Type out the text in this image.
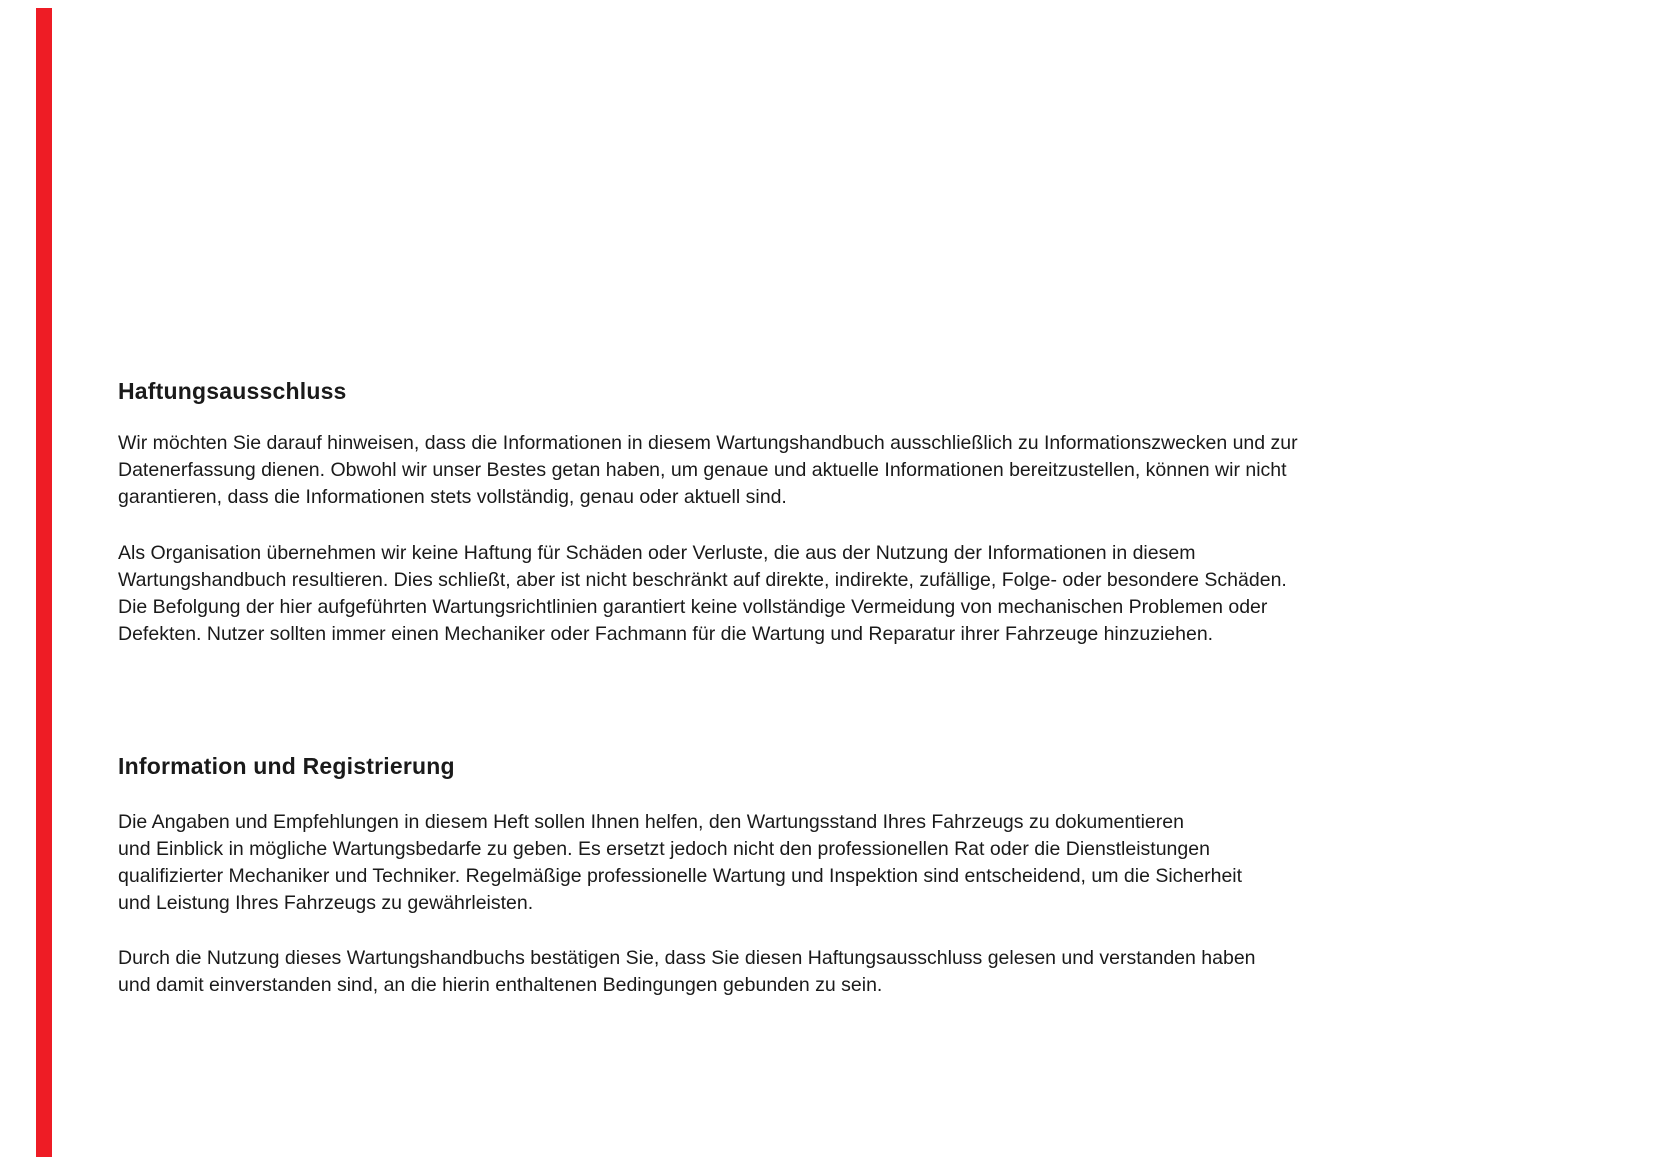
Haftungsausschluss
Wir möchten Sie darauf hinweisen, dass die Informationen in diesem Wartungshandbuch ausschließlich zu Informationszwecken und zur
Datenerfassung dienen. Obwohl wir unser Bestes getan haben, um genaue und aktuelle Informationen bereitzustellen, können wir nicht
garantieren, dass die Informationen stets vollständig, genau oder aktuell sind.
Als Organisation übernehmen wir keine Haftung für Schäden oder Verluste, die aus der Nutzung der Informationen in diesem
Wartungshandbuch resultieren. Dies schließt, aber ist nicht beschränkt auf direkte, indirekte, zufällige, Folge- oder besondere Schäden.
Die Befolgung der hier aufgeführten Wartungsrichtlinien garantiert keine vollständige Vermeidung von mechanischen Problemen oder
Defekten. Nutzer sollten immer einen Mechaniker oder Fachmann für die Wartung und Reparatur ihrer Fahrzeuge hinzuziehen.
Information und Registrierung
Die Angaben und Empfehlungen in diesem Heft sollen Ihnen helfen, den Wartungsstand Ihres Fahrzeugs zu dokumentieren
und Einblick in mögliche Wartungsbedarfe zu geben. Es ersetzt jedoch nicht den professionellen Rat oder die Dienstleistungen
qualifizierter Mechaniker und Techniker. Regelmäßige professionelle Wartung und Inspektion sind entscheidend, um die Sicherheit
und Leistung Ihres Fahrzeugs zu gewährleisten.
Durch die Nutzung dieses Wartungshandbuchs bestätigen Sie, dass Sie diesen Haftungsausschluss gelesen und verstanden haben
und damit einverstanden sind, an die hierin enthaltenen Bedingungen gebunden zu sein.
